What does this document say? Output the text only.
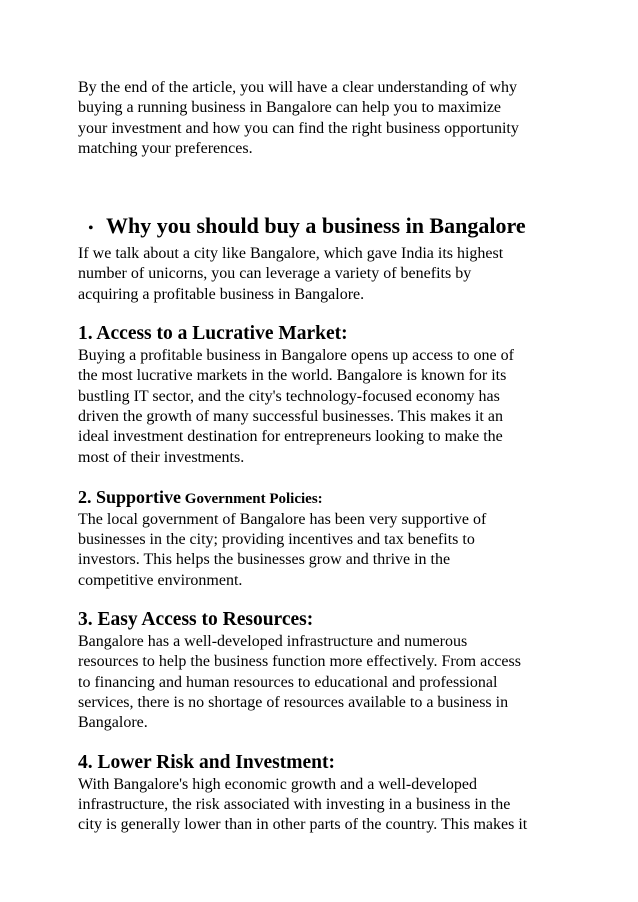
By the end of the article, you will have a clear understanding of why
buying a running business in Bangalore can help you to maximize
your investment and how you can find the right business opportunity
matching your preferences.

• Why you should buy a business in Bangalore

If we talk about a city like Bangalore, which gave India its highest
number of unicorns, you can leverage a variety of benefits by
acquiring a profitable business in Bangalore.

1. Access to a Lucrative Market:

Buying a profitable business in Bangalore opens up access to one of
the most lucrative markets in the world. Bangalore is known for its
bustling IT sector, and the city's technology-focused economy has
driven the growth of many successful businesses. This makes it an
ideal investment destination for entrepreneurs looking to make the
most of their investments.

2. Supportive Government Policies:

The local government of Bangalore has been very supportive of
businesses in the city; providing incentives and tax benefits to
investors. This helps the businesses grow and thrive in the
competitive environment.

3. Easy Access to Resources:

Bangalore has a well-developed infrastructure and numerous
resources to help the business function more effectively. From access
to financing and human resources to educational and professional
services, there is no shortage of resources available to a business in
Bangalore.

4. Lower Risk and Investment:

With Bangalore's high economic growth and a well-developed
infrastructure, the risk associated with investing in a business in the
city is generally lower than in other parts of the country. This makes it
